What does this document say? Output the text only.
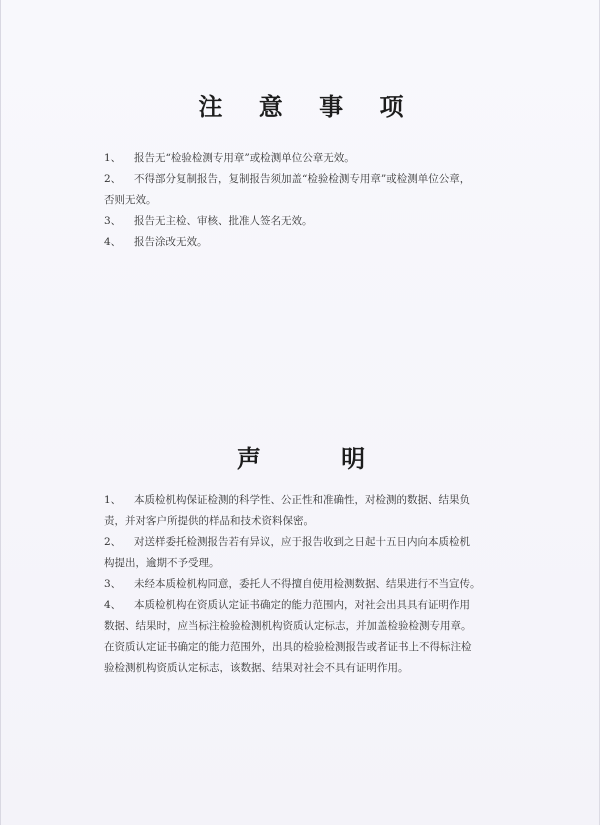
注 意 事 项
1、 报告无“检验检测专用章”或检测单位公章无效。
2、 不得部分复制报告，复制报告须加盖“检验检测专用章”或检测单位公章，
否则无效。
3、 报告无主检、审核、批准人签名无效。
4、 报告涂改无效。
声 明
1、 本质检机构保证检测的科学性、公正性和准确性，对检测的数据、结果负
责，并对客户所提供的样品和技术资料保密。
2、 对送样委托检测报告若有异议，应于报告收到之日起十五日内向本质检机
构提出，逾期不予受理。
3、 未经本质检机构同意，委托人不得擅自使用检测数据、结果进行不当宣传。
4、 本质检机构在资质认定证书确定的能力范围内，对社会出具具有证明作用
数据、结果时，应当标注检验检测机构资质认定标志，并加盖检验检测专用章。
在资质认定证书确定的能力范围外，出具的检验检测报告或者证书上不得标注检
验检测机构资质认定标志，该数据、结果对社会不具有证明作用。
